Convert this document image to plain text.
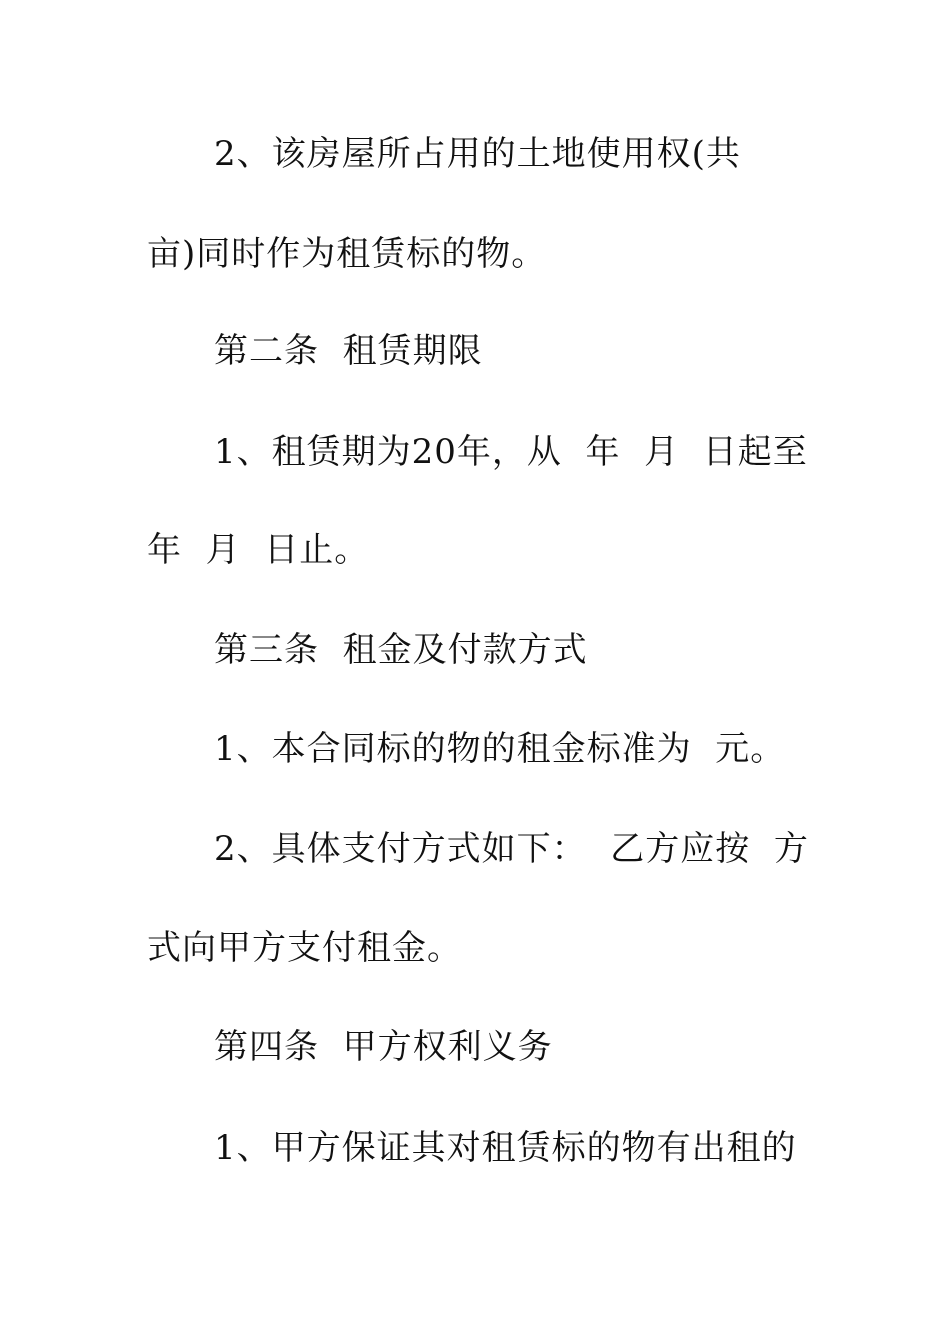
2、该房屋所占用的土地使用权(共
亩)同时作为租赁标的物。
第二条  租赁期限
1、租赁期为20年，从  年  月  日起至
年  月  日止。
第三条  租金及付款方式
1、本合同标的物的租金标准为  元。
2、具体支付方式如下：  乙方应按  方
式向甲方支付租金。
第四条  甲方权利义务
1、甲方保证其对租赁标的物有出租的
